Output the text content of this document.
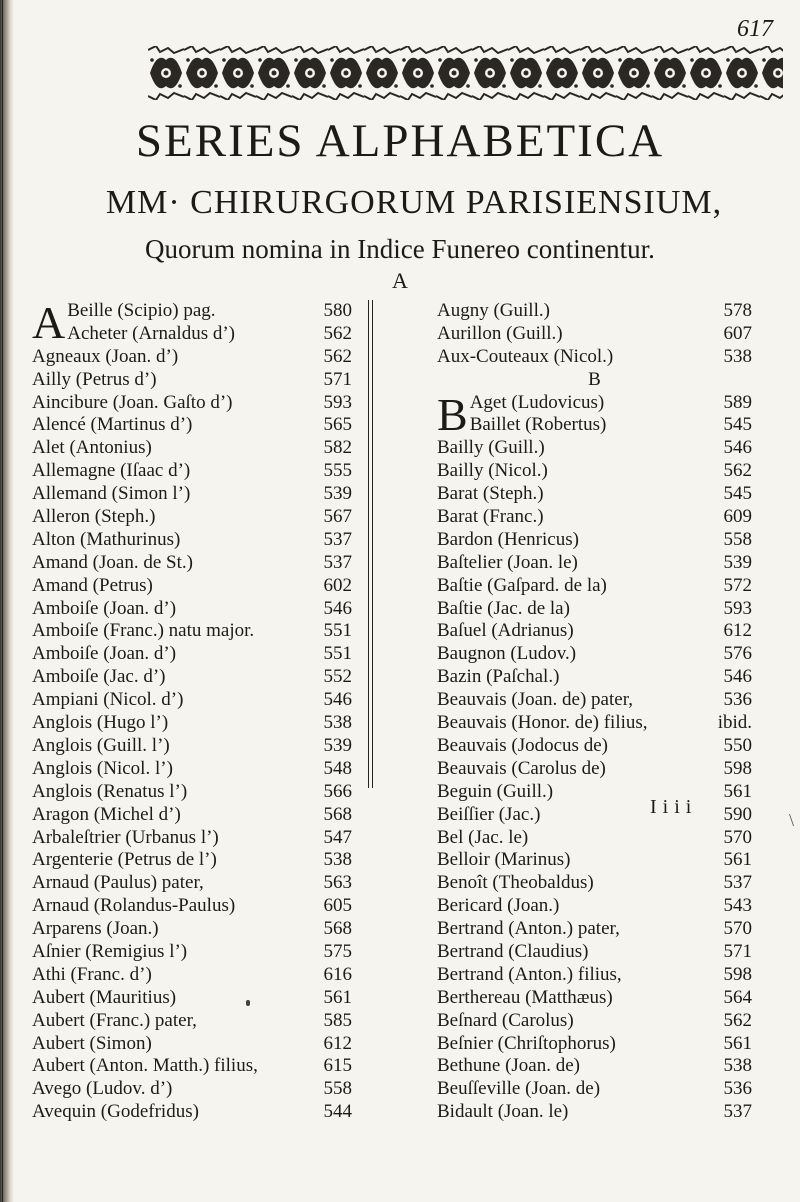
617
SERIES ALPHABETICA
MM· CHIRURGORUM PARISIENSIUM,
Quorum nomina in Indice Funereo continentur.
A
A Beille (Scipio) pag.	580
Acheter (Arnaldus d’)	562
Agneaux (Joan. d’)	562
Ailly (Petrus d’)	571
Aincibure (Joan. Gaſto d’)	593
Alencé (Martinus d’)	565
Alet (Antonius)	582
Allemagne (Iſaac d’)	555
Allemand (Simon l’)	539
Alleron (Steph.)	567
Alton (Mathurinus)	537
Amand (Joan. de St.)	537
Amand (Petrus)	602
Amboiſe (Joan. d’)	546
Amboiſe (Franc.) natu major.	551
Amboiſe (Joan. d’)	551
Amboiſe (Jac. d’)	552
Ampiani (Nicol. d’)	546
Anglois (Hugo l’)	538
Anglois (Guill. l’)	539
Anglois (Nicol. l’)	548
Anglois (Renatus l’)	566
Aragon (Michel d’)	568
Arbaleſtrier (Urbanus l’)	547
Argenterie (Petrus de l’)	538
Arnaud (Paulus) pater,	563
Arnaud (Rolandus-Paulus)	605
Arparens (Joan.)	568
Aſnier (Remigius l’)	575
Athi (Franc. d’)	616
Aubert (Mauritius)	561
Aubert (Franc.) pater,	585
Aubert (Simon)	612
Aubert (Anton. Matth.) filius,	615
Avego (Ludov. d’)	558
Avequin (Godefridus)	544
Augny (Guill.)	578
Aurillon (Guill.)	607
Aux-Couteaux (Nicol.)	538
B
B Aget (Ludovicus)	589
Baillet (Robertus)	545
Bailly (Guill.)	546
Bailly (Nicol.)	562
Barat (Steph.)	545
Barat (Franc.)	609
Bardon (Henricus)	558
Baſtelier (Joan. le)	539
Baſtie (Gaſpard. de la)	572
Baſtie (Jac. de la)	593
Baſuel (Adrianus)	612
Baugnon (Ludov.)	576
Bazin (Paſchal.)	546
Beauvais (Joan. de) pater,	536
Beauvais (Honor. de) filius,	ibid.
Beauvais (Jodocus de)	550
Beauvais (Carolus de)	598
Beguin (Guill.)	561
Beiſſier (Jac.)	590
Bel (Jac. le)	570
Belloir (Marinus)	561
Benoît (Theobaldus)	537
Bericard (Joan.)	543
Bertrand (Anton.) pater,	570
Bertrand (Claudius)	571
Bertrand (Anton.) filius,	598
Berthereau (Matthæus)	564
Beſnard (Carolus)	562
Beſnier (Chriſtophorus)	561
Bethune (Joan. de)	538
Beuſſeville (Joan. de)	536
Bidault (Joan. le)	537
Iiii
\
